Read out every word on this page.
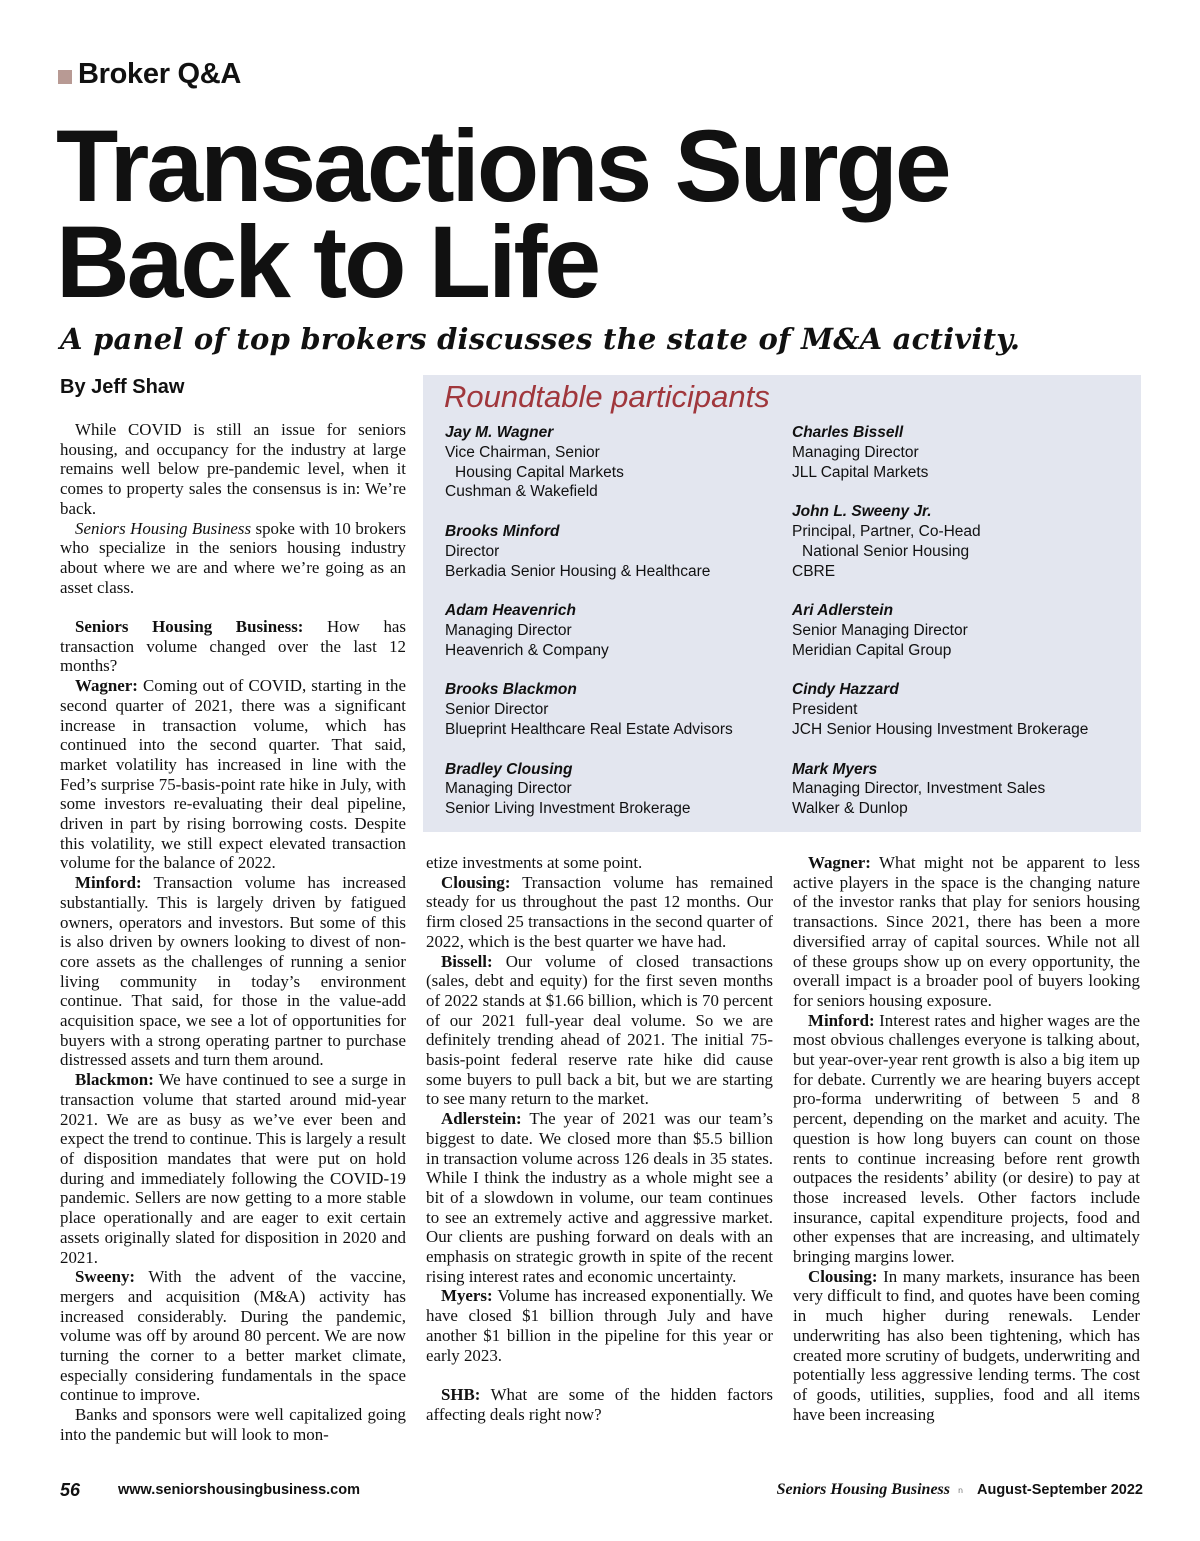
Broker Q&A
Transactions Surge Back to Life
A panel of top brokers discusses the state of M&A activity.
By Jeff Shaw	Roundtable participants
Jay M. Wagner
Vice Chairman, Senior
Housing Capital Markets
Cushman & Wakefield
Brooks Minford
Director
Berkadia Senior Housing & Healthcare
Adam Heavenrich
Managing Director
Heavenrich & Company
Brooks Blackmon
Senior Director
Blueprint Healthcare Real Estate Advisors
Bradley Clousing
Managing Director
Senior Living Investment Brokerage
Charles Bissell
Managing Director
JLL Capital Markets
John L. Sweeny Jr.
Principal, Partner, Co-Head
National Senior Housing
CBRE
Ari Adlerstein
Senior Managing Director
Meridian Capital Group
Cindy Hazzard
President
JCH Senior Housing Investment Brokerage
Mark Myers
Managing Director, Investment Sales
Walker & Dunlop

While COVID is still an issue for seniors housing, and occupancy for the industry at large remains well below pre-pandemic level, when it comes to property sales the consensus is in: We’re back.

Seniors Housing Business spoke with 10 brokers who specialize in the seniors housing industry about where we are and where we’re going as an asset class.

Seniors Housing Business: How has transaction volume changed over the last 12 months?

Wagner: Coming out of COVID, starting in the second quarter of 2021, there was a significant increase in transaction volume, which has continued into the second quarter. That said, market volatility has increased in line with the Fed’s surprise 75-basis-point rate hike in July, with some investors re-evaluating their deal pipeline, driven in part by rising borrowing costs. Despite this volatility, we still expect elevated transaction volume for the balance of 2022.

Minford: Transaction volume has increased substantially. This is largely driven by fatigued owners, operators and investors. But some of this is also driven by owners looking to divest of non-core assets as the challenges of running a senior living community in today’s environment continue. That said, for those in the value-add acquisition space, we see a lot of opportunities for buyers with a strong operating partner to purchase distressed assets and turn them around.

Blackmon: We have continued to see a surge in transaction volume that started around mid-year 2021. We are as busy as we’ve ever been and expect the trend to continue. This is largely a result of disposition mandates that were put on hold during and immediately following the COVID-19 pandemic. Sellers are now getting to a more stable place operationally and are eager to exit certain assets originally slated for disposition in 2020 and 2021.

Sweeny: With the advent of the vaccine, mergers and acquisition (M&A) activity has increased considerably. During the pandemic, volume was off by around 80 percent. We are now turning the corner to a better market climate, especially considering fundamentals in the space continue to improve.

Banks and sponsors were well capitalized going into the pandemic but will look to mon-

etize investments at some point.

Clousing: Transaction volume has remained steady for us throughout the past 12 months. Our firm closed 25 transactions in the second quarter of 2022, which is the best quarter we have had.

Bissell: Our volume of closed transactions (sales, debt and equity) for the first seven months of 2022 stands at $1.66 billion, which is 70 percent of our 2021 full-year deal volume. So we are definitely trending ahead of 2021. The initial 75-basis-point federal reserve rate hike did cause some buyers to pull back a bit, but we are starting to see many return to the market.

Adlerstein: The year of 2021 was our team’s biggest to date. We closed more than $5.5 billion in transaction volume across 126 deals in 35 states. While I think the industry as a whole might see a bit of a slowdown in volume, our team continues to see an extremely active and aggressive market. Our clients are pushing forward on deals with an emphasis on strategic growth in spite of the recent rising interest rates and economic uncertainty.

Myers: Volume has increased exponentially. We have closed $1 billion through July and have another $1 billion in the pipeline for this year or early 2023.

SHB: What are some of the hidden factors affecting deals right now?

Wagner: What might not be apparent to less active players in the space is the changing nature of the investor ranks that play for seniors housing transactions. Since 2021, there has been a more diversified array of capital sources. While not all of these groups show up on every opportunity, the overall impact is a broader pool of buyers looking for seniors housing exposure.

Minford: Interest rates and higher wages are the most obvious challenges everyone is talking about, but year-over-year rent growth is also a big item up for debate. Currently we are hearing buyers accept pro-forma underwriting of between 5 and 8 percent, depending on the market and acuity. The question is how long buyers can count on those rents to continue increasing before rent growth outpaces the residents’ ability (or desire) to pay at those increased levels. Other factors include insurance, capital expenditure projects, food and other expenses that are increasing, and ultimately bringing margins lower.

Clousing: In many markets, insurance has been very difficult to find, and quotes have been coming in much higher during renewals. Lender underwriting has also been tightening, which has created more scrutiny of budgets, underwriting and potentially less aggressive lending terms. The cost of goods, utilities, supplies, food and all items have been increasing

56	www.seniorshousingbusiness.com	Seniors Housing Business n August-September 2022
